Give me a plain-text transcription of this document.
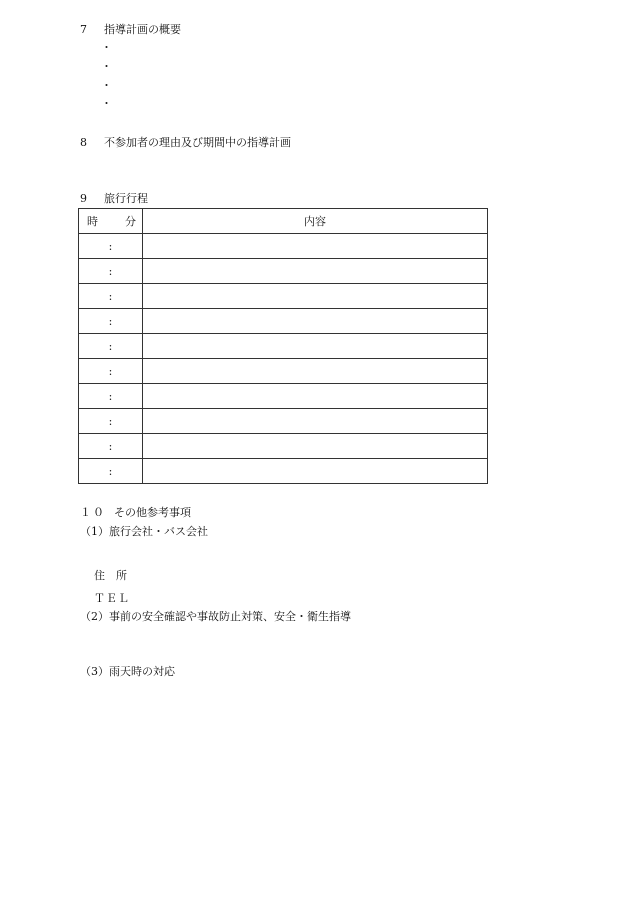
7 指導計画の概要
・
・
・
・
8 不参加者の理由及び期間中の指導計画
9 旅行行程
時 分	内容
:	
:	
:	
:	
:	
:	
:	
:	
:	
:	
１０ その他参考事項
（1）旅行会社・バス会社
住　所
ＴＥＬ
（2）事前の安全確認や事故防止対策、安全・衛生指導
（3）雨天時の対応
